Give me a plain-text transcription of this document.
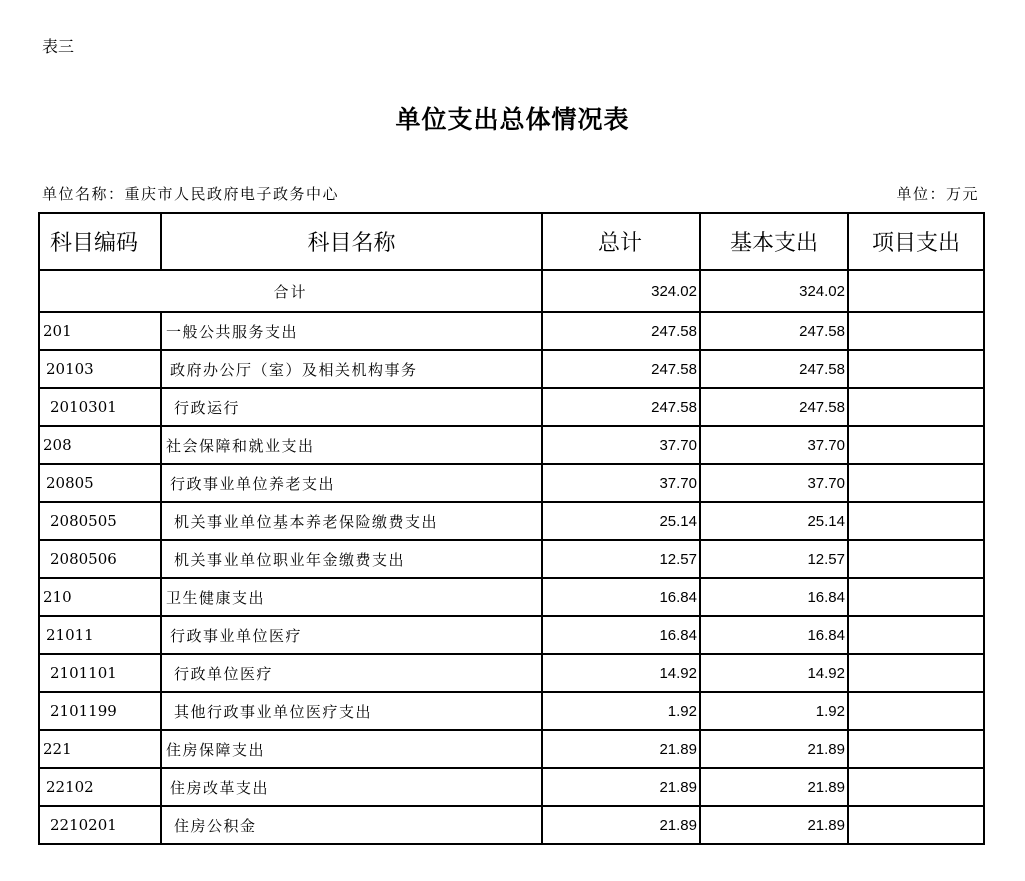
表三
单位支出总体情况表
单位名称：重庆市人民政府电子政务中心	单位：万元
科目编码	科目名称	总计	基本支出	项目支出
合计		324.02	324.02	
201	一般公共服务支出	247.58	247.58	
20103	政府办公厅（室）及相关机构事务	247.58	247.58	
2010301	行政运行	247.58	247.58	
208	社会保障和就业支出	37.70	37.70	
20805	行政事业单位养老支出	37.70	37.70	
2080505	机关事业单位基本养老保险缴费支出	25.14	25.14	
2080506	机关事业单位职业年金缴费支出	12.57	12.57	
210	卫生健康支出	16.84	16.84	
21011	行政事业单位医疗	16.84	16.84	
2101101	行政单位医疗	14.92	14.92	
2101199	其他行政事业单位医疗支出	1.92	1.92	
221	住房保障支出	21.89	21.89	
22102	住房改革支出	21.89	21.89	
2210201	住房公积金	21.89	21.89	
